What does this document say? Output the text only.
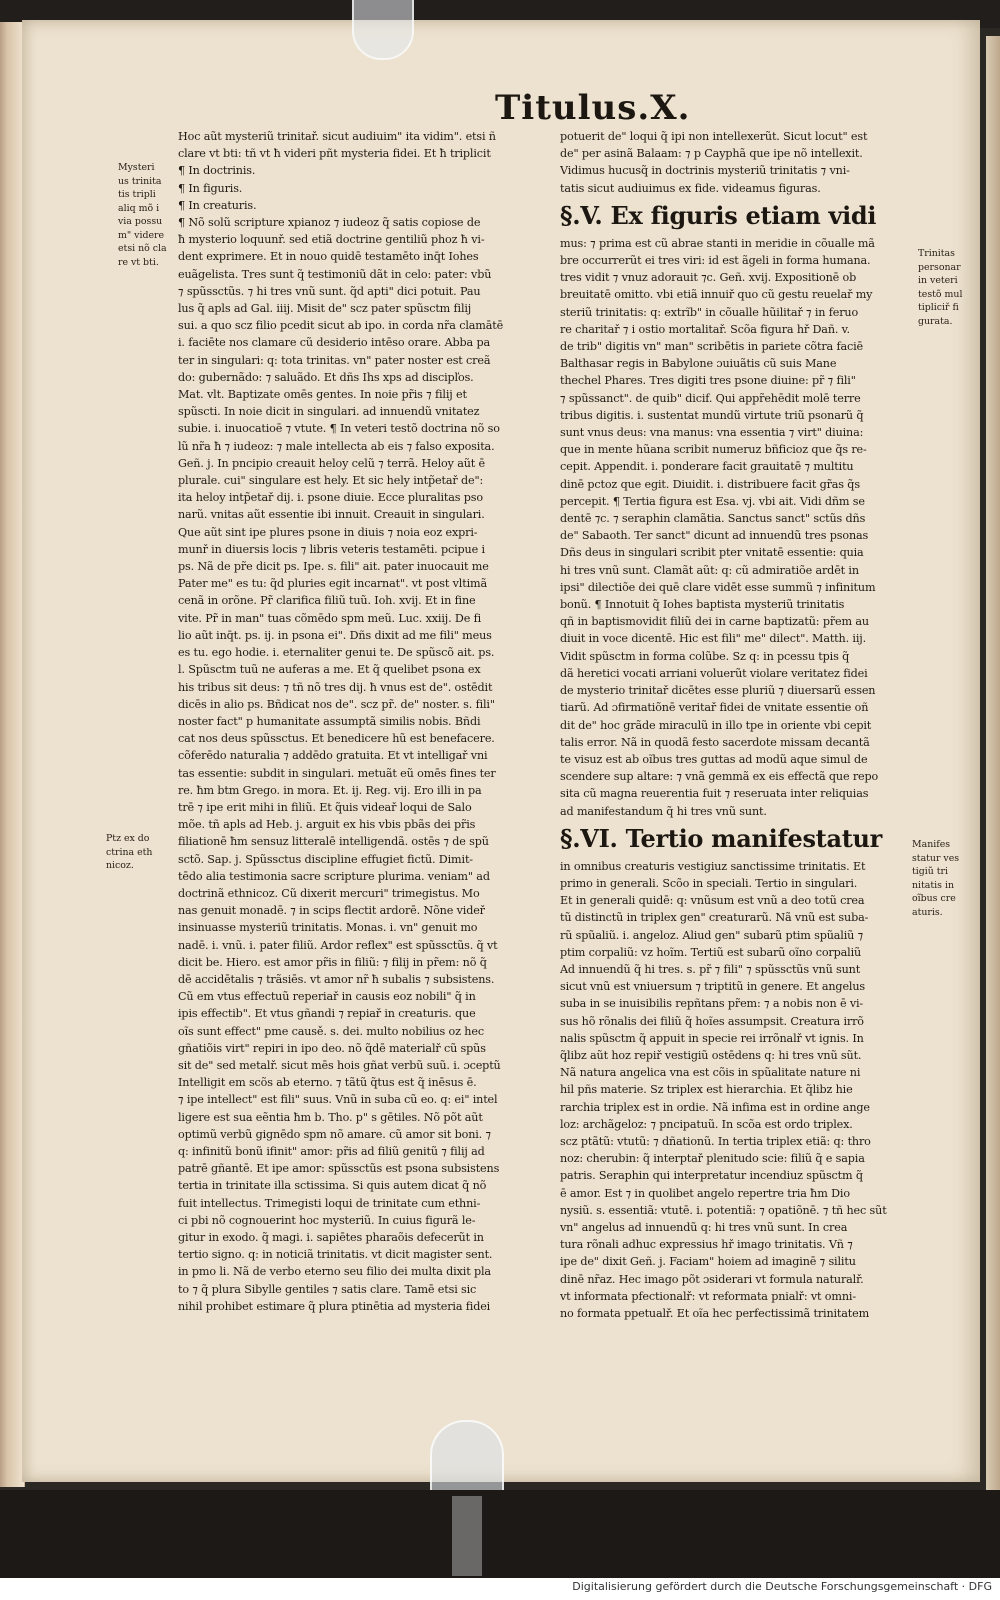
Titulus.X.
Mysteri
us trinita
tis tripli
aliq mõ i
via possu
m" videre
etsi nõ cla
re vt bti.
Ptz ex do
ctrina eth
nicoz.
Trinitas
personar
in veteri
testõ mul
tipliciř fi
gurata.
Manifes
statur ves
tigiũ tri
nitatis in
oĩbus cre
aturis.
Hoc aũt mysteriũ trinitař. sicut audiuim" ita vidim". etsi ñ
clare vt bti: tñ vt ħ videri pñt mysteria fidei. Et ħ triplicit
¶ In doctrinis.
¶ In figuris.
¶ In creaturis.
¶ Nõ solũ scripture xpianoz ⁊ iudeoz q̃ satis copiose de
ħ mysterio loquunř. sed etiã doctrine gentiliũ phoz ħ vi-
dent exprimere. Et in nouo quidē testamēto inq̄t Iohes
euãgelista. Tres sunt q̃ testimoniũ dãt in celo: pater: vbũ
⁊ spũssctũs. ⁊ hi tres vnũ sunt. q̃d apti" dici potuit. Pau
lus q̃ apls ad Gal. iiij. Misit de" scz pater spũsctm filij
sui. a quo scz filio pcedit sicut ab ipo. in corda nr̃a clamātē
i. faciēte nos clamare cũ desiderio intēso orare. Abba pa
ter in singulari: q: tota trinitas. vn" pater noster est creã
do: gubernãdo: ⁊ saluãdo. Et dñs Ihs xps ad discipľos.
Mat. vlt. Baptizate omēs gentes. In noie pr̃is ⁊ filij et
spũscti. In noie dicit in singulari. ad innuendũ vnitatez
subie. i. inuocatioē ⁊ vtute. ¶ In veteri testõ doctrina nõ so
lũ nr̃a ħ ⁊ iudeoz: ⁊ male intellecta ab eis ⁊ falso exposita.
Geñ. j. In pncipio creauit heloy celũ ⁊ terrã. Heloy aũt ē
plurale. cui" singulare est hely. Et sic hely intp̃etař de":
ita heloy intp̃etař dij. i. psone diuie. Ecce pluralitas pso
narũ. vnitas aũt essentie ibi innuit. Creauit in singulari.
Que aũt sint ipe plures psone in diuis ⁊ noia eoz expri-
munř in diuersis locis ⁊ libris veteris testamēti. pcipue i
ps. Nã de pr̃e dicit ps. Ipe. s. fili" ait. pater inuocauit me
Pater me" es tu: q̃d pluries egit incarnat". vt post vltimã
cenã in orõne. Pr̃ clarifica filiũ tuũ. Ioh. xvij. Et in fine
vite. Pr̃ in man" tuas cõmēdo spm meũ. Luc. xxiij. De fi
lio aũt inq̄t. ps. ij. in psona ei". Dñs dixit ad me fili" meus
es tu. ego hodie. i. eternaliter genui te. De spũscõ ait. ps.
l. Spũsctm tuũ ne auferas a me. Et q̃ quelibet psona ex
his tribus sit deus: ⁊ tñ nõ tres dij. ħ vnus est de". ostēdit
dicēs in alio ps. Bñdicat nos de". scz pr̃. de" noster. s. fili"
noster fact" p humanitate assumptã similis nobis. Bñdi
cat nos deus spũssctus. Et benedicere hũ est benefacere.
cõferēdo naturalia ⁊ addēdo gratuita. Et vt intelligař vni
tas essentie: subdit in singulari. metuãt eũ omēs fines ter
re. ħm btm Grego. in mora. Et. ij. Reg. vij. Ero illi in pa
trē ⁊ ipe erit mihi in filiũ. Et q̃uis videař loqui de Salo
mõe. tñ apls ad Heb. j. arguit ex his vbis pbãs dei pr̃is
filiationē ħm sensuz litteralē intelligendã. ostēs ⁊ de spũ
sctõ. Sap. j. Spũssctus discipline effugiet fictũ. Dimit-
tēdo alia testimonia sacre scripture plurima. veniam" ad
doctrinã ethnicoz. Cũ dixerit mercuri" trimegistus. Mo
nas genuit monadē. ⁊ in scips flectit ardorē. Nõne videř
insinuasse mysteriũ trinitatis. Monas. i. vn" genuit mo
nadē. i. vnũ. i. pater filiũ. Ardor reflex" est spũssctũs. q̃ vt
dicit be. Hiero. est amor pr̃is in filiũ: ⁊ filij in pr̃em: nõ q̃
dē accidētalis ⁊ trãsiēs. vt amor nr̃ ħ subalis ⁊ subsistens.
Cũ em vtus effectuũ reperiař in causis eoz nobili" q̃ in
ipis effectib". Et vtus gñandi ⁊ repiař in creaturis. que
oĩs sunt effect" pme causě. s. dei. multo nobilius oz hec
gñatiõis virt" repiri in ipo deo. nõ q̃dē materialř cũ spũs
sit de" sed metalř. sicut mēs hois gñat verbũ suũ. i. ɔceptũ
Intelligit em scõs ab eterno. ⁊ tãtũ q̃tus est q̃ inēsus ē.
⁊ ipe intellect" est fili" suus. Vnũ in suba cũ eo. q: ei" intel
ligere est sua eẽntia ħm b. Tho. p" s gētiles. Nõ põt aũt
optimũ verbũ gignēdo spm nõ amare. cũ amor sit boni. ⁊
q: infinitũ bonũ ifinit" amor: pr̃is ad filiũ genitũ ⁊ filij ad
patrē gñantē. Et ipe amor: spũssctũs est psona subsistens
tertia in trinitate illa sctissima. Si quis autem dicat q̃ nõ
fuit intellectus. Trimegisti loqui de trinitate cum ethni-
ci pbi nõ cognouerint hoc mysteriũ. In cuius figurã le-
gitur in exodo. q̃ magi. i. sapiētes pharaõis defecerũt in
tertio signo. q: in noticiã trinitatis. vt dicit magister sent.
in pmo li. Nã de verbo eterno seu filio dei multa dixit pla
to ⁊ q̃ plura Sibylle gentiles ⁊ satis clare. Tamē etsi sic
nihil prohibet estimare q̃ plura ptinētia ad mysteria fidei
potuerit de" loqui q̃ ipi non intellexerũt. Sicut locut" est
de" per asinã Balaam: ⁊ p Cayphã que ipe nõ intellexit.
Vidimus hucusq̃ in doctrinis mysteriũ trinitatis ⁊ vni-
tatis sicut audiuimus ex fide. videamus figuras.
§.V. Ex figuris etiam vidi
mus: ⁊ prima est cũ abrae stanti in meridie in cõualle mã
bre occurrerũt ei tres viri: id est ãgeli in forma humana.
tres vidit ⁊ vnuz adorauit ⁊c. Geñ. xvij. Expositionē ob
breuitatē omitto. vbi etiã innuiř quo cũ gestu reuelař my
steriũ trinitatis: q: extrĩb" in cõualle hũilitař ⁊ in feruo
re charitař ⁊ i ostio mortalitař. Scõa figura hř Dañ. v.
de trib" digitis vn" man" scribētis in pariete cõtra faciē
Balthasar regis in Babylone ɔuiuãtis cũ suis Mane
thechel Phares. Tres digiti tres psone diuine: pr̃ ⁊ fili"
⁊ spũssanct". de quib" dicif. Qui appr̃ehēdit molē terre
tribus digitis. i. sustentat mundũ virtute triũ psonarũ q̃
sunt vnus deus: vna manus: vna essentia ⁊ virt" diuina:
que in mente hũana scribit numeruz bñficioz que q̃s re-
cepit. Appendit. i. ponderare facit grauitatē ⁊ multitu
dinē pctoz que egit. Diuidit. i. distribuere facit gr̃as q̃s
percepit. ¶ Tertia figura est Esa. vj. vbi ait. Vidi dñm se
dentē ⁊c. ⁊ seraphin clamãtia. Sanctus sanct" sctũs dñs
de" Sabaoth. Ter sanct" dicunt ad innuendũ tres psonas
Dñs deus in singulari scribit pter vnitatē essentie: quia
hi tres vnũ sunt. Clamãt aũt: q: cũ admiratiõe ardēt in
ipsi" dilectiõe dei quē clare vidēt esse summũ ⁊ infinitum
bonũ. ¶ Innotuit q̃ Iohes baptista mysteriũ trinitatis
qñ in baptismovidit filiũ dei in carne baptizatũ: pr̃em au
diuit in voce dicentē. Hic est fili" me" dilect". Matth. iij.
Vidit spũsctm in forma colũbe. Sz q: in pcessu tpis q̃
dã heretici vocati arriani voluerũt violare veritatez fidei
de mysterio trinitař dicētes esse pluriũ ⁊ diuersarũ essen
tiarũ. Ad ɔfirmatiõnē veritař fidei de vnitate essentie oñ
dit de" hoc grãde miraculũ in illo tpe in oriente vbi cepit
talis error. Nã in quodã festo sacerdote missam decantã
te visuz est ab oĩbus tres guttas ad modũ aque simul de
scendere sup altare: ⁊ vnã gemmã ex eis effectã que repo
sita cũ magna reuerentia fuit ⁊ reseruata inter reliquias
ad manifestandum q̃ hi tres vnũ sunt.
§.VI. Tertio manifestatur
in omnibus creaturis vestigiuz sanctissime trinitatis. Et
primo in generali. Scõo in speciali. Tertio in singulari.
Et in generali quidē: q: vnũsum est vnũ a deo totũ crea
tũ distinctũ in triplex gen" creaturarũ. Nã vnũ est suba-
rũ spũaliũ. i. angeloz. Aliud gen" subarũ ptim spũaliũ ⁊
ptim corpaliũ: vz hoĩm. Tertiũ est subarũ oĩno corpaliũ
Ad innuendũ q̃ hi tres. s. pr̃ ⁊ fili" ⁊ spũssctũs vnũ sunt
sicut vnũ est vniuersum ⁊ triptitũ in genere. Et angelus
suba in se inuisibilis repñtans pr̃em: ⁊ a nobis non ē vi-
sus hõ rõnalis dei filiũ q̃ hoĩes assumpsit. Creatura irrõ
nalis spũsctm q̃ appuit in specie rei irrõnalř vt ignis. In
q̃libz aũt hoz repiř vestigiũ ostēdens q: hi tres vnũ sũt.
Nã natura angelica vna est cõis in spũalitate nature ni
hil pñs materie. Sz triplex est hierarchia. Et q̃libz hie
rarchia triplex est in ordie. Nã infima est in ordine ange
loz: archãgeloz: ⁊ pncipatuũ. In scõa est ordo triplex.
scz ptãtũ: vtutũ: ⁊ dñationũ. In tertia triplex etiã: q: thro
noz: cherubin: q̃ interptař plenitudo scie: filiũ q̃ e sapia
patris. Seraphin qui interpretatur incendiuz spũsctm q̃
ē amor. Est ⁊ in quolibet angelo repertre tria ħm Dio
nysiũ. s. essentiã: vtutē. i. potentiã: ⁊ opatiõnē. ⁊ tñ hec sũt
vn" angelus ad innuendũ q: hi tres vnũ sunt. In crea
tura rõnali adhuc expressius hř imago trinitatis. Vñ ⁊
ipe de" dixit Geñ. j. Faciam" hoiem ad imaginē ⁊ silitu
dinē nr̃az. Hec imago põt ɔsiderari vt formula naturalř.
vt informata pfectionalř: vt reformata pnialř: vt omni-
no formata ppetualř. Et oĩa hec perfectissimã trinitatem
Digitalisierung gefördert durch die Deutsche Forschungsgemeinschaft · DFG
